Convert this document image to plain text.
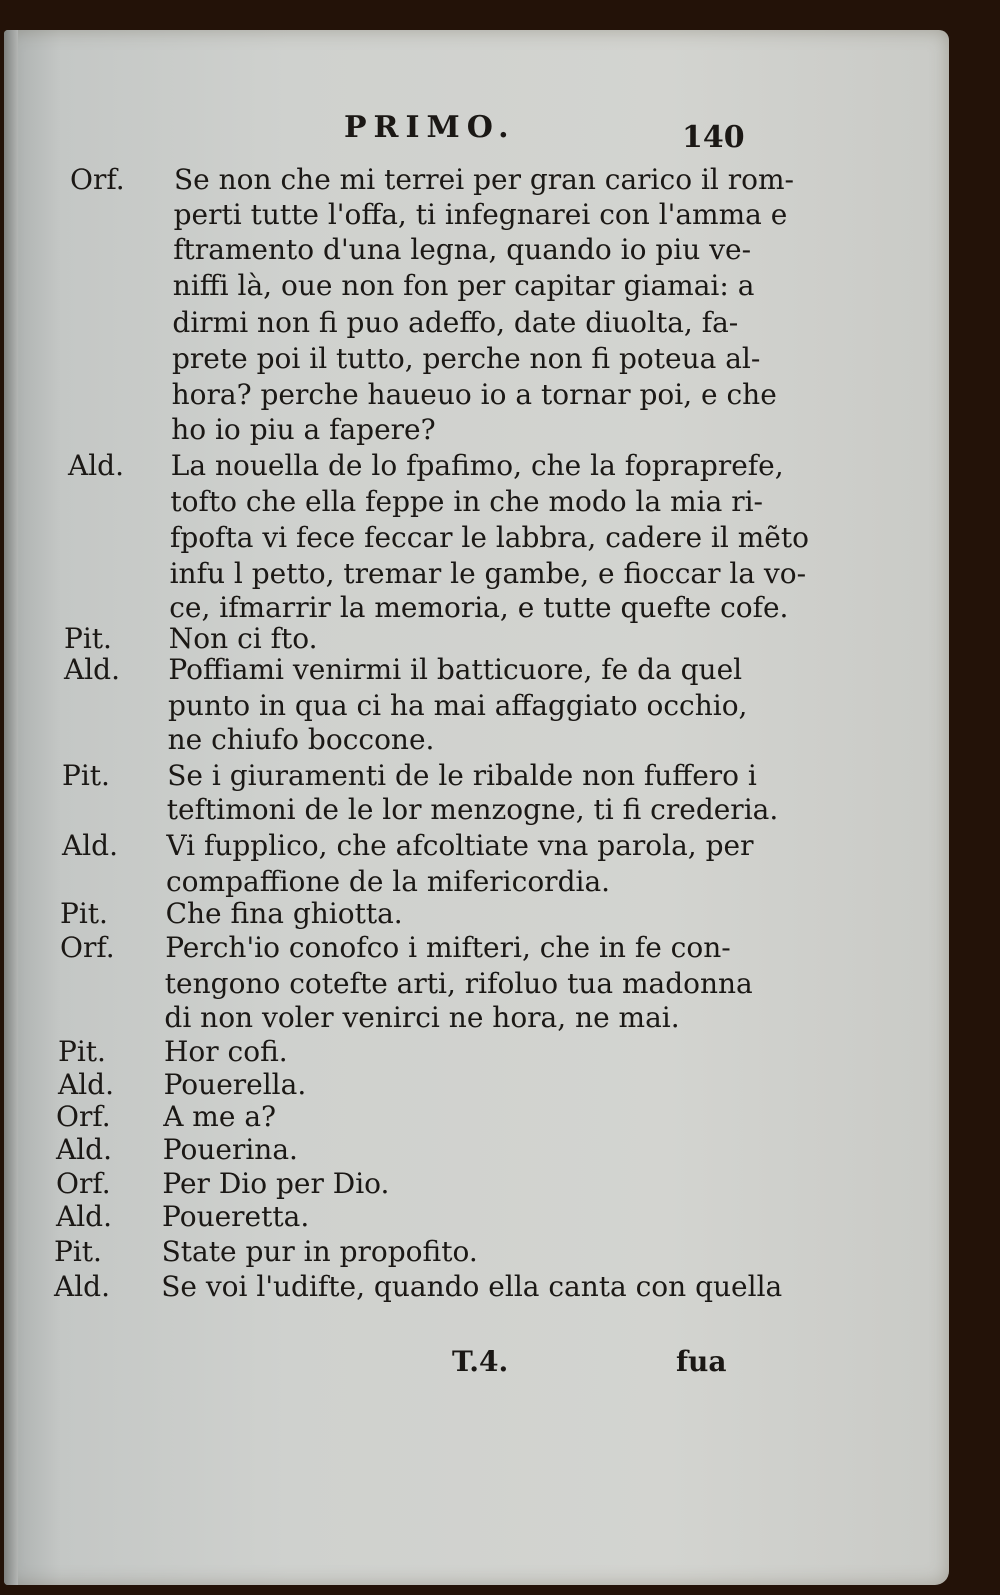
PRIMO.	140
Orf. Se non che mi terrei per gran carico il rom-
perti tutte l'offa, ti infegnarei con l'amma e
ftramento d'una legna, quando io piu ve-
niffi là, oue non fon per capitar giamai: a
dirmi non fi puo adeffo, date diuolta, fa-
prete poi il tutto, perche non fi poteua al-
hora? perche haueuo io a tornar poi, e che
ho io piu a fapere?
Ald. La nouella de lo fpafimo, che la fopraprefe,
tofto che ella feppe in che modo la mia ri-
fpofta vi fece feccar le labbra, cadere il mẽto
infu l petto, tremar le gambe, e fioccar la vo-
ce, ifmarrir la memoria, e tutte quefte cofe.
Pit. Non ci fto.
Ald. Poffiami venirmi il batticuore, fe da quel
punto in qua ci ha mai affaggiato occhio,
ne chiufo boccone.
Pit. Se i giuramenti de le ribalde non fuffero i
teftimoni de le lor menzogne, ti fi crederia.
Ald. Vi fupplico, che afcoltiate vna parola, per
compaffione de la mifericordia.
Pit. Che fina ghiotta.
Orf. Perch'io conofco i mifteri, che in fe con-
tengono cotefte arti, rifoluo tua madonna
di non voler venirci ne hora, ne mai.
Pit. Hor cofi.
Ald. Pouerella.
Orf. A me a?
Ald. Pouerina.
Orf. Per Dio per Dio.
Ald. Poueretta.
Pit. State pur in propofito.
Ald. Se voi l'udifte, quando ella canta con quella
T.4.	fua
